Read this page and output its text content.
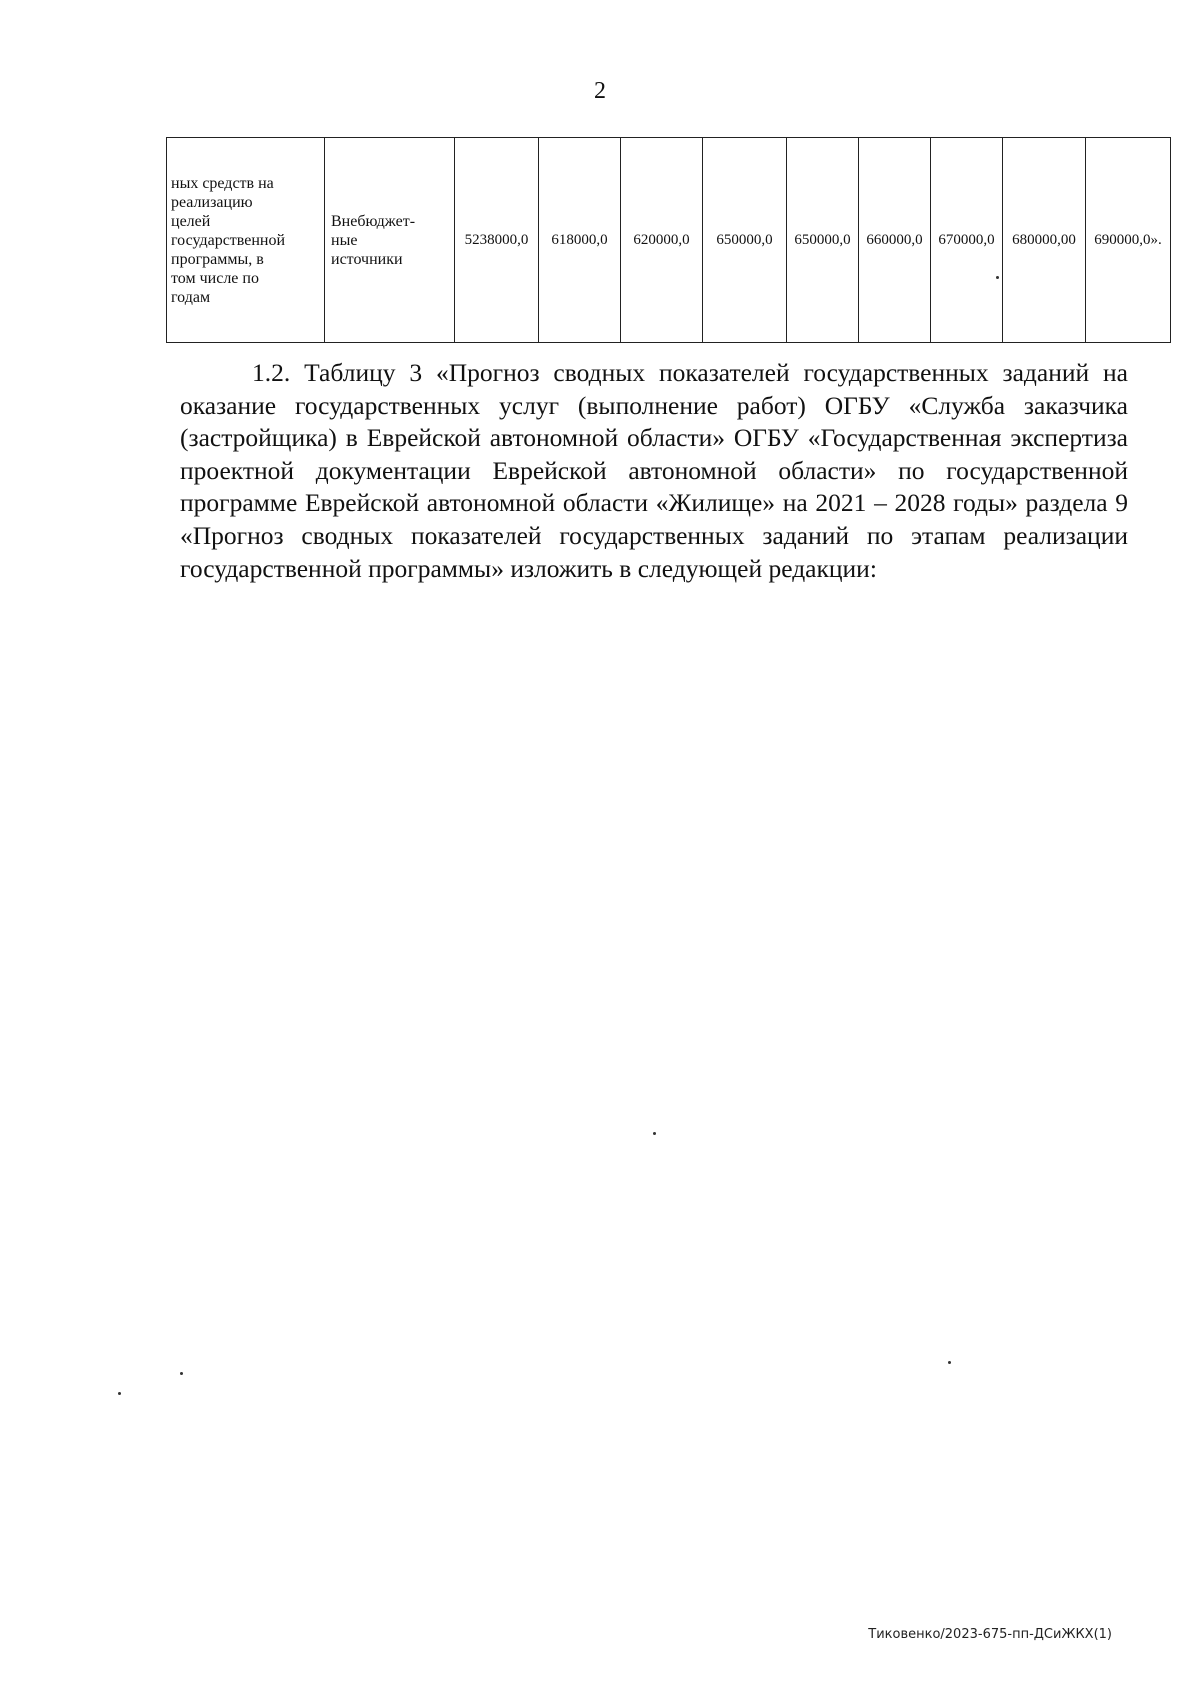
2
ных средств на
реализацию
целей
государственной
программы, в
том числе по
годам	Внебюджет-
ные
источники	5238000,0	618000,0	620000,0	650000,0	650000,0	660000,0	670000,0	680000,00	690000,0».
1.2. Таблицу 3 «Прогноз сводных показателей государственных заданий на оказание государственных услуг (выполнение работ) ОГБУ «Служба заказчика (застройщика) в Еврейской автономной области» ОГБУ «Государственная экспертиза проектной документации Еврейской автономной области» по государственной программе Еврейской автономной области «Жилище» на 2021 – 2028 годы» раздела 9 «Прогноз сводных показателей государственных заданий по этапам реализации государственной программы» изложить в следующей редакции:
Тиковенко/2023-675-пп-ДСиЖКХ(1)
